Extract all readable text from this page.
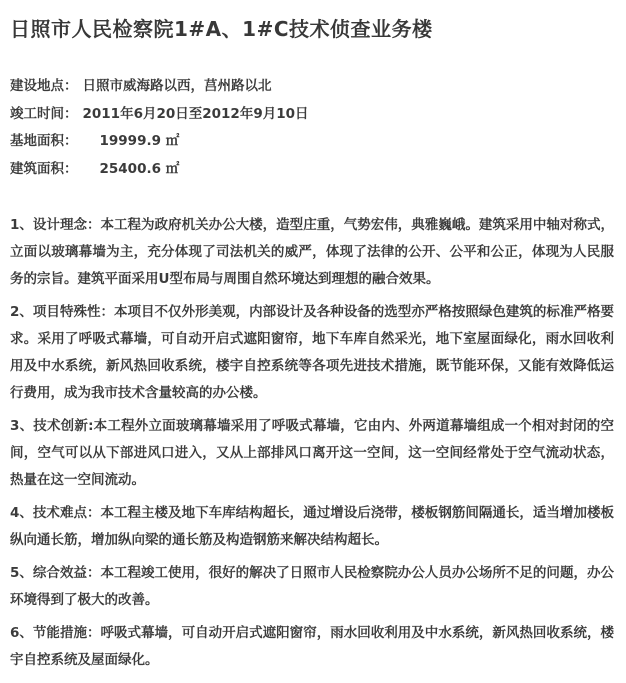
日照市人民检察院1#A、1#C技术侦查业务楼
建设地点： 日照市威海路以西，莒州路以北
竣工时间： 2011年6月20日至2012年9月10日
基地面积： 19999.9 ㎡
建筑面积： 25400.6 ㎡

1、设计理念：本工程为政府机关办公大楼，造型庄重，气势宏伟，典雅巍峨。建筑采用中轴对称式，立面以玻璃幕墙为主，充分体现了司法机关的威严，体现了法律的公开、公平和公正，体现为人民服务的宗旨。建筑平面采用U型布局与周围自然环境达到理想的融合效果。

2、项目特殊性：本项目不仅外形美观，内部设计及各种设备的选型亦严格按照绿色建筑的标准严格要求。采用了呼吸式幕墙，可自动开启式遮阳窗帘，地下车库自然采光，地下室屋面绿化，雨水回收利用及中水系统，新风热回收系统，楼宇自控系统等各项先进技术措施，既节能环保，又能有效降低运行费用，成为我市技术含量较高的办公楼。

3、技术创新:本工程外立面玻璃幕墙采用了呼吸式幕墙，它由内、外两道幕墙组成一个相对封闭的空间，空气可以从下部进风口进入，又从上部排风口离开这一空间，这一空间经常处于空气流动状态，热量在这一空间流动。

4、技术难点：本工程主楼及地下车库结构超长，通过增设后浇带，楼板钢筋间隔通长，适当增加楼板纵向通长筋，增加纵向梁的通长筋及构造钢筋来解决结构超长。

5、综合效益：本工程竣工使用，很好的解决了日照市人民检察院办公人员办公场所不足的问题，办公环境得到了极大的改善。

6、节能措施：呼吸式幕墙，可自动开启式遮阳窗帘，雨水回收利用及中水系统，新风热回收系统，楼宇自控系统及屋面绿化。
